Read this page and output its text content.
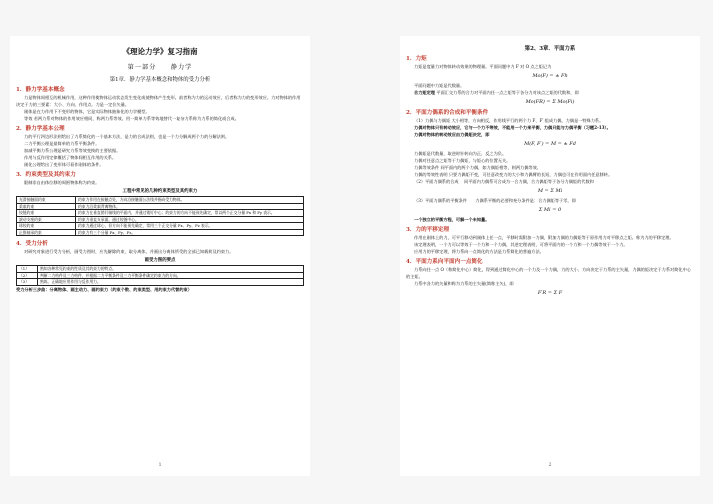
《理论力学》复习指南

第一部分　　静力学

第1章．静力学基本概念和物体的受力分析

1．静力学基本概念

力是物体间相互的机械作用，这种作用使物体运动状态发生变化或使物体产生变形。前者称为力的运动效应，后者称为力的变形效应。力对物体的作用决定于力的三要素：大小、方向、作用点。力是一定位矢量。

刚体是在力作用下不变形的物体，它是实际物体抽象化的力学模型。

等效 若两力系对物体的作用效应相同，称两力系等效。用一简单力系等效地替代一复杂力系称为力系的简化或合成。

2．静力学基本公理

力的平行四边形法则给出了力系简化的一个基本方法，是力的合成法则，也是一个力分解成两个力的分解法则。

二力平衡公理是最简单的力系平衡条件。

加减平衡力系公理是研究力系等效变换的主要依据。

作用与反作用定律概括了物体间相互作用的关系。

刚化公理给出了变形体可看作刚体的条件。

3．约束类型及其约束力

限制非自由体位移的周围物体称为约束。

工程中常见的几种约束类型及其约束力

光滑接触面约束	约束力作用在接触点处，方向沿接触面公法线并指向受力物体。
柔索约束	约束力沿柔索背离物体。
铰链约束	约束力在垂直销钉轴线的平面内，并通过销钉中心；约束力的方向不能预先确定，常以两个正交分量 Fx 和 Fy 表示。
滚动支座约束	约束力垂直支承面，通过铰链中心。
球铰约束	约束力通过球心，但方向不能预先确定，常用三个正交分量 Fx、Fy、Fz 表示。
止推轴承约束	约束力有三个分量 Fx、Fy、Fz。

4．受力分析

对研究对象进行受力分析，画受力图时，应先解除约束，取分离体，并画出分离体所受的全部已知载荷及约束力。

画受力图的要点

（1）	熟知各种常见约束的性质及其约束力的特点。
（2）	判断二力构件及三力构件，并根据二力平衡条件及三力平衡条件确定约束力的方向。
（3）	熟练、正确地应用作用与反作用力。

受力分析三步曲：分离物体、画主动力、画约束力（约束个数、约束类型、用约束力代替约束）

1

第2、3章．平面力系

1．力矩

力矩是度量力对物体转动效果的物理量。平面问题中力 F 对 O 点之矩记为

Mo(F) = ± Fh

平面问题中力矩是代数量。

合力矩定理 平面汇交力系的合力对平面内任一点之矩等于各分力对该点之矩的代数和，即

Mo(FR) = Σ Mo(Fi)

2．平面力偶系的合成和平衡条件

（1）力偶与力偶矩 大小相等，方向相反，作用线平行的两个力 F、F′ 组成力偶，力偶是一特殊力系。

力偶对物体只有转动效应，它与一个力不等效，不能用一个力来平衡，力偶只能与力偶平衡（习题2-13）。

力偶对物体的转动效应由力偶矩决定，即

M(F, F′) = M = ± Fd

力偶矩是代数量，取逆时针转向为正，反之为负。

力偶对任意点之矩等于力偶矩，与矩心的位置无关。

力偶等效条件 同平面内的两个力偶，如力偶矩相等，则两力偶等效。

力偶的等效性表明 只要力偶矩不变，可任意改变力的大小和力偶臂的长短，力偶也可在作用面内任意移转。

（2）平面力偶系的合成　 同平面内力偶系可合成为一合力偶，合力偶矩等于各分力偶矩的代数和

M = Σ Mi

（3）平面力偶系的平衡条件　　力偶系平衡的必要和充分条件是：合力偶矩等于零，即

Σ Mi = 0

一个独立的平衡方程，可解一个未知量。

3．力的平移定理

作用在刚体上的力，可平行移动到刚体上任一点，平移时需附加一力偶，附加力偶的力偶矩等于原作用力对平移点之矩。称为力的平移定理。

该定理表明，一个力可以等效于一个力和一个力偶，其逆定理表明，可将平面内的一个力和一个力偶等效于一个力。

应用力的平移定理，将力系向一点简化的方法是力系简化的普遍方法。

4．平面力系向平面内一点简化

力系向任一点 O（称简化中心）简化，得到通过简化中心的一个力及一个力偶，力的大小、方向决定于力系的主矢量，力偶的矩决定于力系对简化中心的主矩。

力系中各力的矢量和称为力系的主矢量(简称主矢)，即

F′R = Σ F

2
